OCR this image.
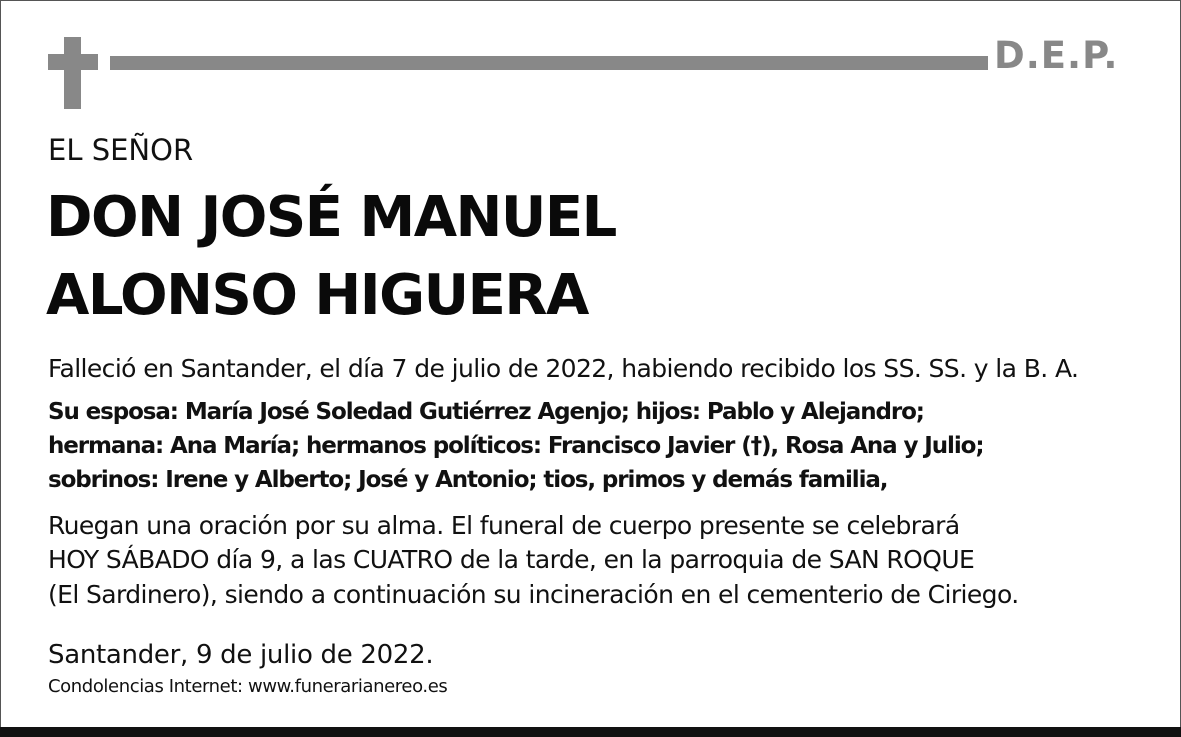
D.E.P.
EL SEÑOR
DON JOSÉ MANUEL
ALONSO HIGUERA
Falleció en Santander, el día 7 de julio de 2022, habiendo recibido los SS. SS. y la B. A.
Su esposa: María José Soledad Gutiérrez Agenjo; hijos: Pablo y Alejandro;
hermana: Ana María; hermanos políticos: Francisco Javier (†), Rosa Ana y Julio;
sobrinos: Irene y Alberto; José y Antonio; tios, primos y demás familia,
Ruegan una oración por su alma. El funeral de cuerpo presente se celebrará
HOY SÁBADO día 9, a las CUATRO de la tarde, en la parroquia de SAN ROQUE
(El Sardinero), siendo a continuación su incineración en el cementerio de Ciriego.
Santander, 9 de julio de 2022.
Condolencias Internet: www.funerarianereo.es
